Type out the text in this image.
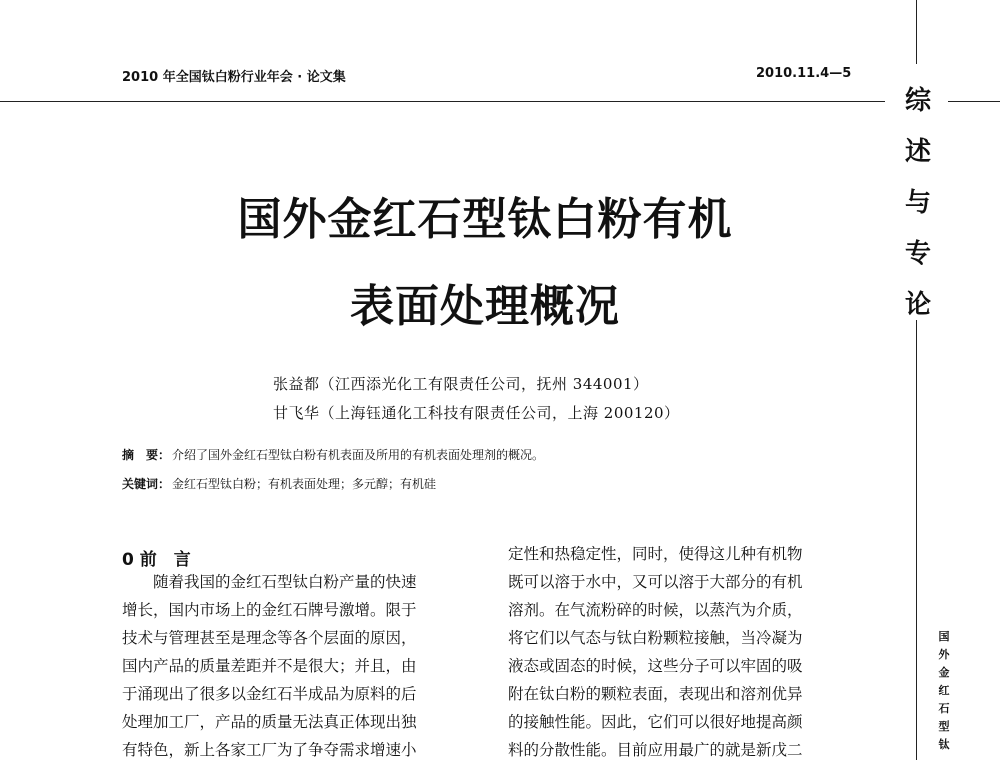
2010 年全国钛白粉行业年会 · 论文集	2010.11.4—5
综
述
与
专
论
国外金红石型钛白粉有机
表面处理概况
张益都（江西添光化工有限责任公司，抚州 344001）
甘飞华（上海钰通化工科技有限责任公司，上海 200120）
摘　要： 介绍了国外金红石型钛白粉有机表面及所用的有机表面处理剂的概况。
关键词： 金红石型钛白粉；有机表面处理；多元醇；有机硅
0 前　言
　　随着我国的金红石型钛白粉产量的快速
增长，国内市场上的金红石牌号激增。限于
技术与管理甚至是理念等各个层面的原因，
国内产品的质量差距并不是很大；并且，由
于涌现出了很多以金红石半成品为原料的后
处理加工厂，产品的质量无法真正体现出独
有特色，新上各家工厂为了争夺需求增速小
定性和热稳定性，同时，使得这儿种有机物
既可以溶于水中，又可以溶于大部分的有机
溶剂。在气流粉碎的时候，以蒸汽为介质，
将它们以气态与钛白粉颗粒接触，当冷凝为
液态或固态的时候，这些分子可以牢固的吸
附在钛白粉的颗粒表面，表现出和溶剂优异
的接触性能。因此，它们可以很好地提高颜
料的分散性能。目前应用最广的就是新戊二
国
外
金
红
石
型
钛
